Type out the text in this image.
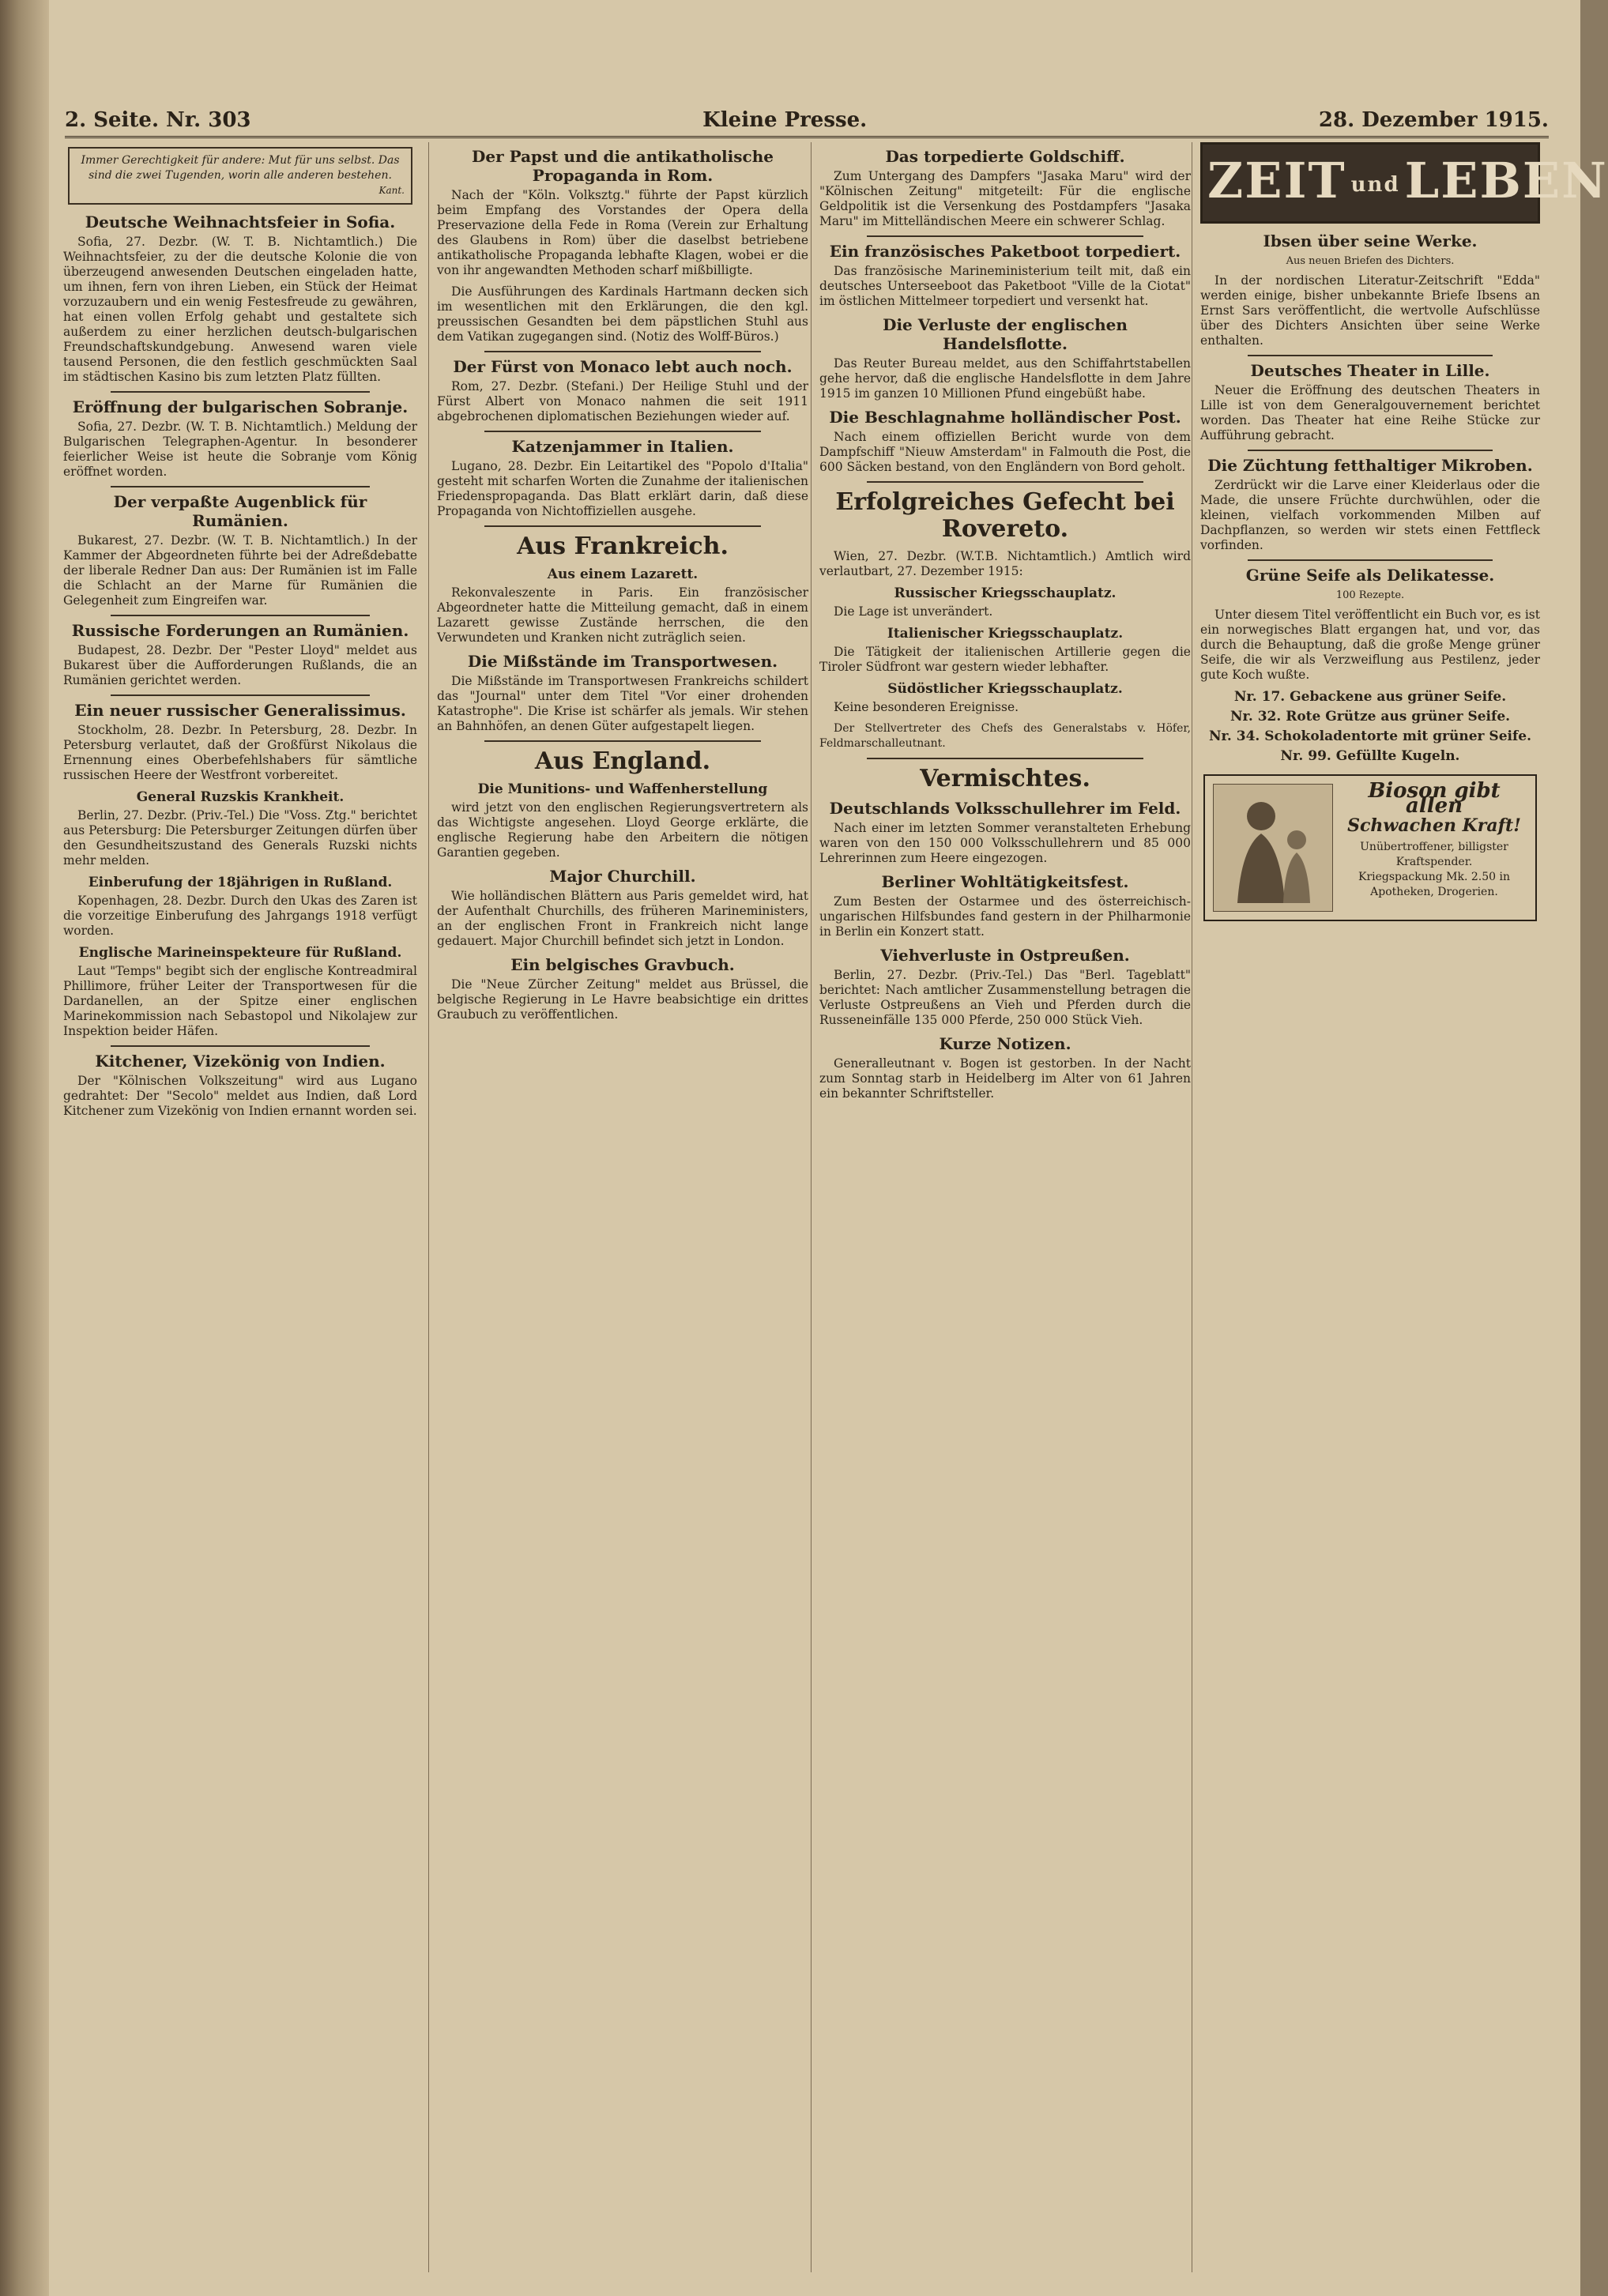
2. Seite. Nr. 303	Kleine Presse.	28. Dezember 1915.
Immer Gerechtigkeit für andere: Mut für uns selbst. Das sind die zwei Tugenden, worin alle anderen bestehen.
Kant.
Deutsche Weihnachtsfeier in Sofia.

Sofia, 27. Dezbr. (W. T. B. Nichtamtlich.) Die Weihnachtsfeier, zu der die deutsche Kolonie die von überzeugend anwesenden Deutschen eingeladen hatte, um ihnen, fern von ihren Lieben, ein Stück der Heimat vorzuzaubern und ein wenig Festesfreude zu gewähren, hat einen vollen Erfolg gehabt und gestaltete sich außerdem zu einer herzlichen deutsch-bulgarischen Freundschaftskundgebung. Anwesend waren viele tausend Personen, die den festlich geschmückten Saal im städtischen Kasino bis zum letzten Platz füllten.

Eröffnung der bulgarischen Sobranje.

Sofia, 27. Dezbr. (W. T. B. Nichtamtlich.) Meldung der Bulgarischen Telegraphen-Agentur. In besonderer feierlicher Weise ist heute die Sobranje vom König eröffnet worden.

Der verpaßte Augenblick für Rumänien.

Bukarest, 27. Dezbr. (W. T. B. Nichtamtlich.) In der Kammer der Abgeordneten führte bei der Adreßdebatte der liberale Redner Dan aus: Der Rumänien ist im Falle die Schlacht an der Marne für Rumänien die Gelegenheit zum Eingreifen war.

Russische Forderungen an Rumänien.

Budapest, 28. Dezbr. Der "Pester Lloyd" meldet aus Bukarest über die Aufforderungen Rußlands, die an Rumänien gerichtet werden.

Ein neuer russischer Generalissimus.

Stockholm, 28. Dezbr. In Petersburg, 28. Dezbr. In Petersburg verlautet, daß der Großfürst Nikolaus die Ernennung eines Oberbefehlshabers für sämtliche russischen Heere der Westfront vorbereitet.

General Ruzskis Krankheit.

Berlin, 27. Dezbr. (Priv.-Tel.) Die "Voss. Ztg." berichtet aus Petersburg: Die Petersburger Zeitungen dürfen über den Gesundheitszustand des Generals Ruzski nichts mehr melden.

Einberufung der 18jährigen in Rußland.

Kopenhagen, 28. Dezbr. Durch den Ukas des Zaren ist die vorzeitige Einberufung des Jahrgangs 1918 verfügt worden.

Englische Marineinspekteure für Rußland.

Laut "Temps" begibt sich der englische Kontreadmiral Phillimore, früher Leiter der Transportwesen für die Dardanellen, an der Spitze einer englischen Marinekommission nach Sebastopol und Nikolajew zur Inspektion beider Häfen.

Kitchener, Vizekönig von Indien.

Der "Kölnischen Volkszeitung" wird aus Lugano gedrahtet: Der "Secolo" meldet aus Indien, daß Lord Kitchener zum Vizekönig von Indien ernannt worden sei.

Der Papst und die antikatholische Propaganda in Rom.

Nach der "Köln. Volksztg." führte der Papst kürzlich beim Empfang des Vorstandes der Opera della Preservazione della Fede in Roma (Verein zur Erhaltung des Glaubens in Rom) über die daselbst betriebene antikatholische Propaganda lebhafte Klagen, wobei er die von ihr angewandten Methoden scharf mißbilligte.

Die Ausführungen des Kardinals Hartmann decken sich im wesentlichen mit den Erklärungen, die den kgl. preussischen Gesandten bei dem päpstlichen Stuhl aus dem Vatikan zugegangen sind. (Notiz des Wolff-Büros.)

Der Fürst von Monaco lebt auch noch.

Rom, 27. Dezbr. (Stefani.) Der Heilige Stuhl und der Fürst Albert von Monaco nahmen die seit 1911 abgebrochenen diplomatischen Beziehungen wieder auf.

Katzenjammer in Italien.

Lugano, 28. Dezbr. Ein Leitartikel des "Popolo d'Italia" gesteht mit scharfen Worten die Zunahme der italienischen Friedenspropaganda. Das Blatt erklärt darin, daß diese Propaganda von Nichtoffiziellen ausgehe.

Aus Frankreich.
Aus einem Lazarett.

Rekonvaleszente in Paris. Ein französischer Abgeordneter hatte die Mitteilung gemacht, daß in einem Lazarett gewisse Zustände herrschen, die den Verwundeten und Kranken nicht zuträglich seien.

Die Mißstände im Transportwesen.

Die Mißstände im Transportwesen Frankreichs schildert das "Journal" unter dem Titel "Vor einer drohenden Katastrophe". Die Krise ist schärfer als jemals. Wir stehen an Bahnhöfen, an denen Güter aufgestapelt liegen.

Aus England.
Die Munitions- und Waffenherstellung

wird jetzt von den englischen Regierungsvertretern als das Wichtigste angesehen. Lloyd George erklärte, die englische Regierung habe den Arbeitern die nötigen Garantien gegeben.

Major Churchill.

Wie holländischen Blättern aus Paris gemeldet wird, hat der Aufenthalt Churchills, des früheren Marineministers, an der englischen Front in Frankreich nicht lange gedauert. Major Churchill befindet sich jetzt in London.

Ein belgisches Gravbuch.

Die "Neue Zürcher Zeitung" meldet aus Brüssel, die belgische Regierung in Le Havre beabsichtige ein drittes Graubuch zu veröffentlichen.

Das torpedierte Goldschiff.

Zum Untergang des Dampfers "Jasaka Maru" wird der "Kölnischen Zeitung" mitgeteilt: Für die englische Geldpolitik ist die Versenkung des Postdampfers "Jasaka Maru" im Mittelländischen Meere ein schwerer Schlag.

Ein französisches Paketboot torpediert.

Das französische Marineministerium teilt mit, daß ein deutsches Unterseeboot das Paketboot "Ville de la Ciotat" im östlichen Mittelmeer torpediert und versenkt hat.

Die Verluste der englischen Handelsflotte.

Das Reuter Bureau meldet, aus den Schiffahrtstabellen gehe hervor, daß die englische Handelsflotte in dem Jahre 1915 im ganzen 10 Millionen Pfund eingebüßt habe.

Die Beschlagnahme holländischer Post.

Nach einem offiziellen Bericht wurde von dem Dampfschiff "Nieuw Amsterdam" in Falmouth die Post, die 600 Säcken bestand, von den Engländern von Bord geholt.

Erfolgreiches Gefecht bei Rovereto.

Wien, 27. Dezbr. (W.T.B. Nichtamtlich.) Amtlich wird verlautbart, 27. Dezember 1915:

Russischer Kriegsschauplatz.

Die Lage ist unverändert.

Italienischer Kriegsschauplatz.

Die Tätigkeit der italienischen Artillerie gegen die Tiroler Südfront war gestern wieder lebhafter.

Südöstlicher Kriegsschauplatz.

Keine besonderen Ereignisse.

Der Stellvertreter des Chefs des Generalstabs v. Höfer, Feldmarschalleutnant.

Vermischtes.
Deutschlands Volksschullehrer im Feld.

Nach einer im letzten Sommer veranstalteten Erhebung waren von den 150 000 Volksschullehrern und 85 000 Lehrerinnen zum Heere eingezogen.

Berliner Wohltätigkeitsfest.

Zum Besten der Ostarmee und des österreichisch-ungarischen Hilfsbundes fand gestern in der Philharmonie in Berlin ein Konzert statt.

Viehverluste in Ostpreußen.

Berlin, 27. Dezbr. (Priv.-Tel.) Das "Berl. Tageblatt" berichtet: Nach amtlicher Zusammenstellung betragen die Verluste Ostpreußens an Vieh und Pferden durch die Russeneinfälle 135 000 Pferde, 250 000 Stück Vieh.

Kurze Notizen.

Generalleutnant v. Bogen ist gestorben. In der Nacht zum Sonntag starb in Heidelberg im Alter von 61 Jahren ein bekannter Schriftsteller.

ZEIT undLEBEN
Ibsen über seine Werke.
Aus neuen Briefen des Dichters.

In der nordischen Literatur-Zeitschrift "Edda" werden einige, bisher unbekannte Briefe Ibsens an Ernst Sars veröffentlicht, die wertvolle Aufschlüsse über des Dichters Ansichten über seine Werke enthalten.

Deutsches Theater in Lille.

Neuer die Eröffnung des deutschen Theaters in Lille ist von dem Generalgouvernement berichtet worden. Das Theater hat eine Reihe Stücke zur Aufführung gebracht.

Die Züchtung fetthaltiger Mikroben.

Zerdrückt wir die Larve einer Kleiderlaus oder die Made, die unsere Früchte durchwühlen, oder die kleinen, vielfach vorkommenden Milben auf Dachpflanzen, so werden wir stets einen Fettfleck vorfinden.

Grüne Seife als Delikatesse.
100 Rezepte.

Unter diesem Titel veröffentlicht ein Buch vor, es ist ein norwegisches Blatt ergangen hat, und vor, das durch die Behauptung, daß die große Menge grüner Seife, die wir als Verzweiflung aus Pestilenz, jeder gute Koch wußte.

Nr. 17. Gebackene aus grüner Seife.
Nr. 32. Rote Grütze aus grüner Seife.
Nr. 34. Schokoladentorte mit grüner Seife.
Nr. 99. Gefüllte Kugeln.
Bioson gibt allen
Schwachen Kraft!
Unübertroffener, billigster Kraftspender.
Kriegspackung Mk. 2.50 in Apotheken, Drogerien.
